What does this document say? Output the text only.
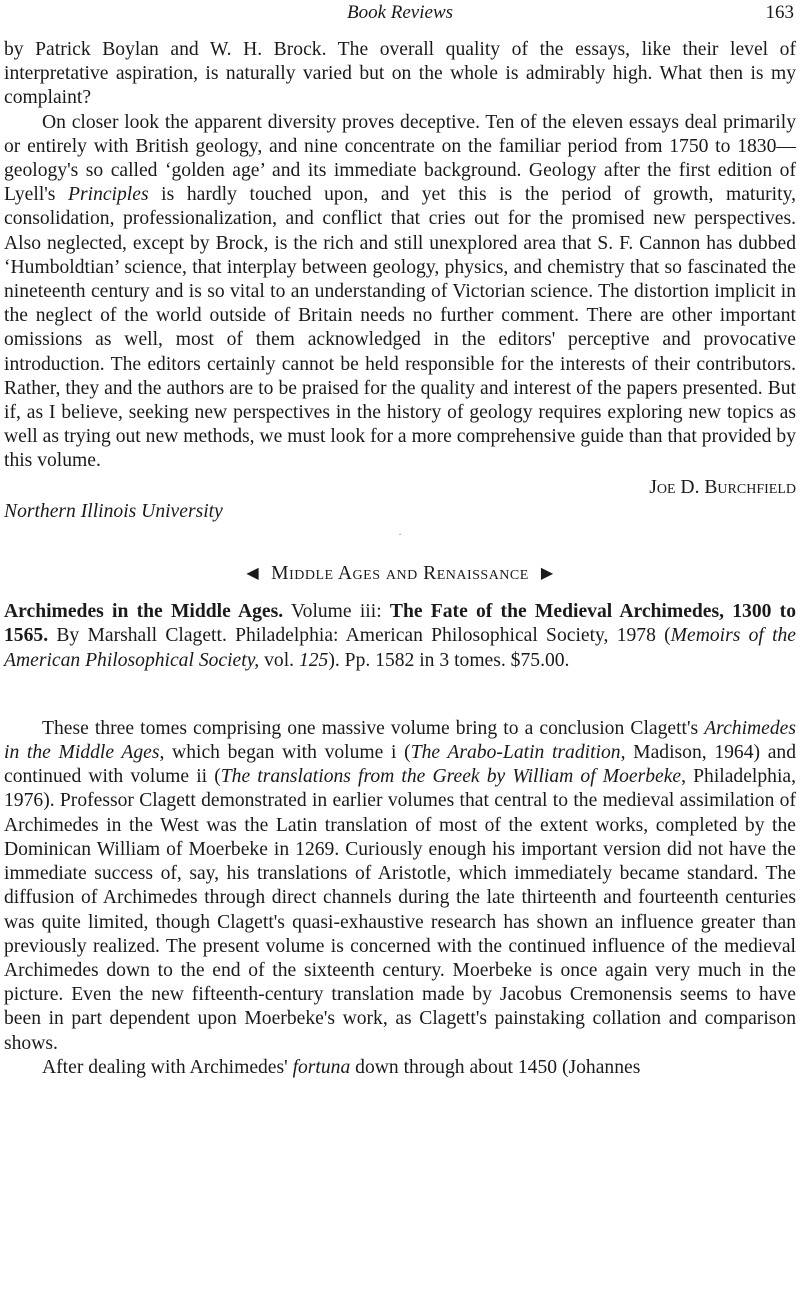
Book Reviews	163

by Patrick Boylan and W. H. Brock. The overall quality of the essays, like their level of interpretative aspiration, is naturally varied but on the whole is admirably high. What then is my complaint?

On closer look the apparent diversity proves deceptive. Ten of the eleven essays deal primarily or entirely with British geology, and nine concentrate on the familiar period from 1750 to 1830—geology's so called ‘golden age’ and its immediate background. Geology after the first edition of Lyell's Principles is hardly touched upon, and yet this is the period of growth, maturity, consolidation, professionalization, and conflict that cries out for the promised new perspectives. Also neglected, except by Brock, is the rich and still unexplored area that S. F. Cannon has dubbed ‘Humboldtian’ science, that interplay between geology, physics, and chemistry that so fascinated the nineteenth century and is so vital to an understanding of Victorian science. The distortion implicit in the neglect of the world outside of Britain needs no further comment. There are other important omissions as well, most of them acknowledged in the editors' perceptive and provocative introduction. The editors certainly cannot be held responsible for the interests of their contributors. Rather, they and the authors are to be praised for the quality and interest of the papers presented. But if, as I believe, seeking new perspectives in the history of geology requires exploring new topics as well as trying out new methods, we must look for a more comprehensive guide than that provided by this volume.

Joe D. Burchfield

Northern Illinois University

·
◀ Middle Ages and Renaissance ▶

Archimedes in the Middle Ages. Volume iii: The Fate of the Medieval Archimedes, 1300 to 1565. By Marshall Clagett. Philadelphia: American Philosophical Society, 1978 (Memoirs of the American Philosophical Society, vol. 125). Pp. 1582 in 3 tomes. $75.00.

These three tomes comprising one massive volume bring to a conclusion Clagett's Archimedes in the Middle Ages, which began with volume i (The Arabo-Latin tradition, Madison, 1964) and continued with volume ii (The translations from the Greek by William of Moerbeke, Philadelphia, 1976). Professor Clagett demonstrated in earlier volumes that central to the medieval assimilation of Archimedes in the West was the Latin translation of most of the extent works, completed by the Dominican William of Moerbeke in 1269. Curiously enough his important version did not have the immediate success of, say, his translations of Aristotle, which immediately became standard. The diffusion of Archimedes through direct channels during the late thirteenth and fourteenth centuries was quite limited, though Clagett's quasi-exhaustive research has shown an influence greater than previously realized. The present volume is concerned with the continued influence of the medieval Archimedes down to the end of the sixteenth century. Moerbeke is once again very much in the picture. Even the new fifteenth-century translation made by Jacobus Cremonensis seems to have been in part dependent upon Moerbeke's work, as Clagett's painstaking collation and comparison shows.

After dealing with Archimedes' fortuna down through about 1450 (Johannes
